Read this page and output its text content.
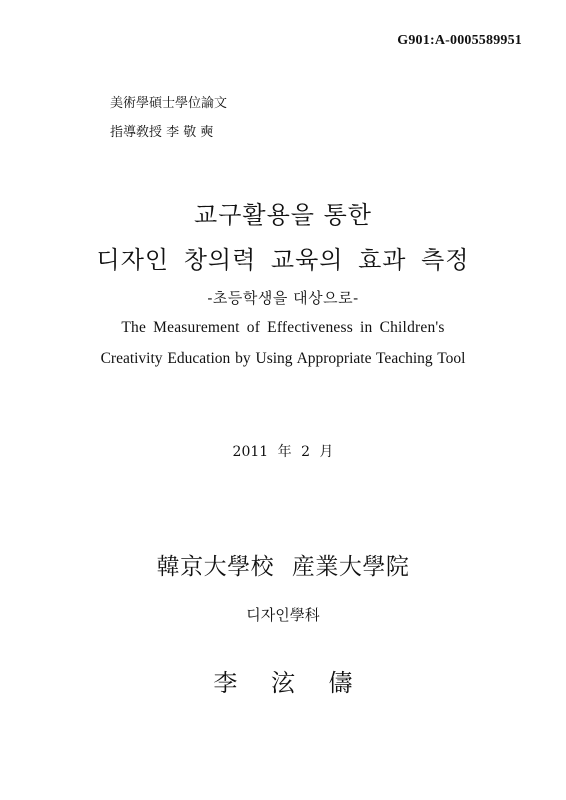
G901:A-0005589951
美術學碩士學位論文
指導敎授 李 敬 奭
교구활용을 통한
디자인 창의력 교육의 효과 측정
-초등학생을 대상으로-
The Measurement of Effectiveness in Children's
Creativity Education by Using Appropriate Teaching Tool
2011 年 2 月
韓京大學校 産業大學院
디자인學科
李 泫 儔
